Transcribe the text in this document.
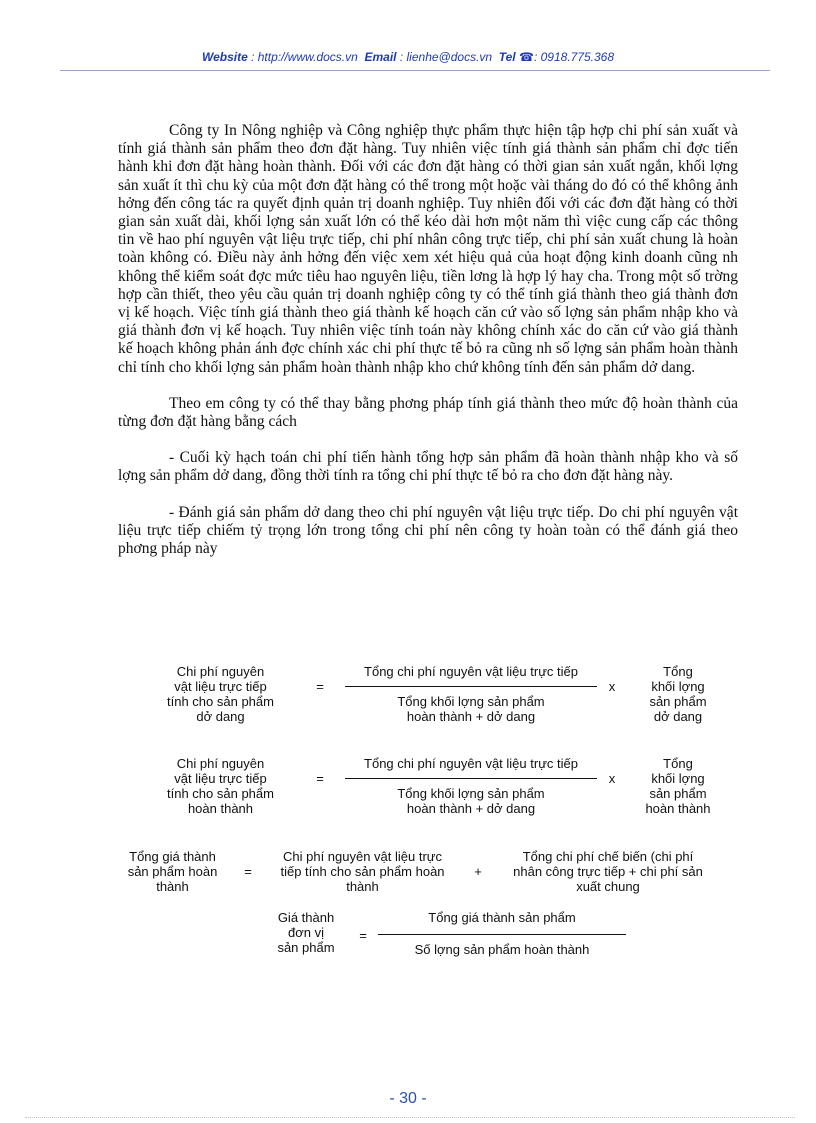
Website : http://www.docs.vn Email : lienhe@docs.vn Tel ☎: 0918.775.368

Công ty In Nông nghiệp và Công nghiệp thực phẩm thực hiện tập hợp chi phí sản xuất và tính giá thành sản phẩm theo đơn đặt hàng. Tuy nhiên việc tính giá thành sản phẩm chỉ đợc tiến hành khi đơn đặt hàng hoàn thành. Đối với các đơn đặt hàng có thời gian sản xuất ngắn, khối lợng sản xuất ít thì chu kỳ của một đơn đặt hàng có thể trong một hoặc vài tháng do đó có thể không ảnh hởng đến công tác ra quyết định quản trị doanh nghiệp. Tuy nhiên đối với các đơn đặt hàng có thời gian sản xuất dài, khối lợng sản xuất lớn có thể kéo dài hơn một năm thì việc cung cấp các thông tin về hao phí nguyên vật liệu trực tiếp, chi phí nhân công trực tiếp, chi phí sản xuất chung là hoàn toàn không có. Điều này ảnh hởng đến việc xem xét hiệu quả của hoạt động kinh doanh cũng nh không thể kiểm soát đợc mức tiêu hao nguyên liệu, tiền lơng là hợp lý hay cha. Trong một số trờng hợp cần thiết, theo yêu cầu quản trị doanh nghiệp công ty có thể tính giá thành theo giá thành đơn vị kế hoạch. Việc tính giá thành theo giá thành kế hoạch căn cứ vào số lợng sản phẩm nhập kho và giá thành đơn vị kế hoạch. Tuy nhiên việc tính toán này không chính xác do căn cứ vào giá thành kế hoạch không phản ánh đợc chính xác chi phí thực tế bỏ ra cũng nh số lợng sản phẩm hoàn thành chỉ tính cho khối lợng sản phẩm hoàn thành nhập kho chứ không tính đến sản phẩm dở dang.

Theo em công ty có thể thay bằng phơng pháp tính giá thành theo mức độ hoàn thành của từng đơn đặt hàng bằng cách

- Cuối kỳ hạch toán chi phí tiến hành tổng hợp sản phẩm đã hoàn thành nhập kho và số lợng sản phẩm dở dang, đồng thời tính ra tổng chi phí thực tế bỏ ra cho đơn đặt hàng này.

- Đánh giá sản phẩm dở dang theo chi phí nguyên vật liệu trực tiếp. Do chi phí nguyên vật liệu trực tiếp chiếm tỷ trọng lớn trong tổng chi phí nên công ty hoàn toàn có thể đánh giá theo phơng pháp này

Chi phí nguyên
vật liệu trực tiếp
tính cho sản phẩm
dở dang
=
Tổng chi phí nguyên vật liệu trực tiếp
Tổng khối lợng sản phẩm
hoàn thành + dở dang
x
Tổng
khối lợng
sản phẩm
dở dang
Chi phí nguyên
vật liệu trực tiếp
tính cho sản phẩm
hoàn thành
=
Tổng chi phí nguyên vật liệu trực tiếp
Tổng khối lợng sản phẩm
hoàn thành + dở dang
x
Tổng
khối lợng
sản phẩm
hoàn thành
Tổng giá thành
sản phẩm hoàn
thành
=
Chi phí nguyên vật liệu trực
tiếp tính cho sản phẩm hoàn
thành
+
Tổng chi phí chế biến (chi phí
nhân công trực tiếp + chi phí sản
xuất chung
Giá thành
đơn vị
sản phẩm
=
Tổng giá thành sản phẩm
Số lợng sản phẩm hoàn thành
- 30 -
